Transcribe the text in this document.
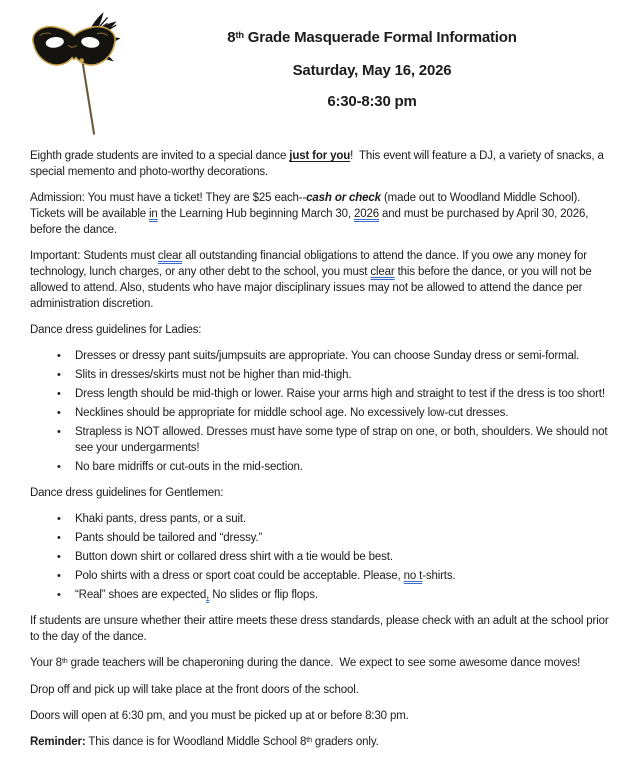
8th Grade Masquerade Formal Information
Saturday, May 16, 2026
6:30-8:30 pm

Eighth grade students are invited to a special dance just for you!  This event will feature a DJ, a variety of snacks, a special memento and photo-worthy decorations.

Admission: You must have a ticket! They are $25 each--cash or check (made out to Woodland Middle School). Tickets will be available in the Learning Hub beginning March 30, 2026 and must be purchased by April 30, 2026, before the dance.

Important: Students must clear all outstanding financial obligations to attend the dance. If you owe any money for technology, lunch charges, or any other debt to the school, you must clear this before the dance, or you will not be allowed to attend. Also, students who have major disciplinary issues may not be allowed to attend the dance per administration discretion.

Dance dress guidelines for Ladies:

• Dresses or dressy pant suits/jumpsuits are appropriate. You can choose Sunday dress or semi-formal.
• Slits in dresses/skirts must not be higher than mid-thigh.
• Dress length should be mid-thigh or lower. Raise your arms high and straight to test if the dress is too short!
• Necklines should be appropriate for middle school age. No excessively low-cut dresses.
• Strapless is NOT allowed. Dresses must have some type of strap on one, or both, shoulders. We should not see your undergarments!
• No bare midriffs or cut-outs in the mid-section.

Dance dress guidelines for Gentlemen:

• Khaki pants, dress pants, or a suit.
• Pants should be tailored and “dressy.”
• Button down shirt or collared dress shirt with a tie would be best.
• Polo shirts with a dress or sport coat could be acceptable. Please, no t-shirts.
• “Real” shoes are expected, No slides or flip flops.

If students are unsure whether their attire meets these dress standards, please check with an adult at the school prior to the day of the dance.

Your 8th grade teachers will be chaperoning during the dance.  We expect to see some awesome dance moves!

Drop off and pick up will take place at the front doors of the school.

Doors will open at 6:30 pm, and you must be picked up at or before 8:30 pm.

Reminder: This dance is for Woodland Middle School 8th graders only.
